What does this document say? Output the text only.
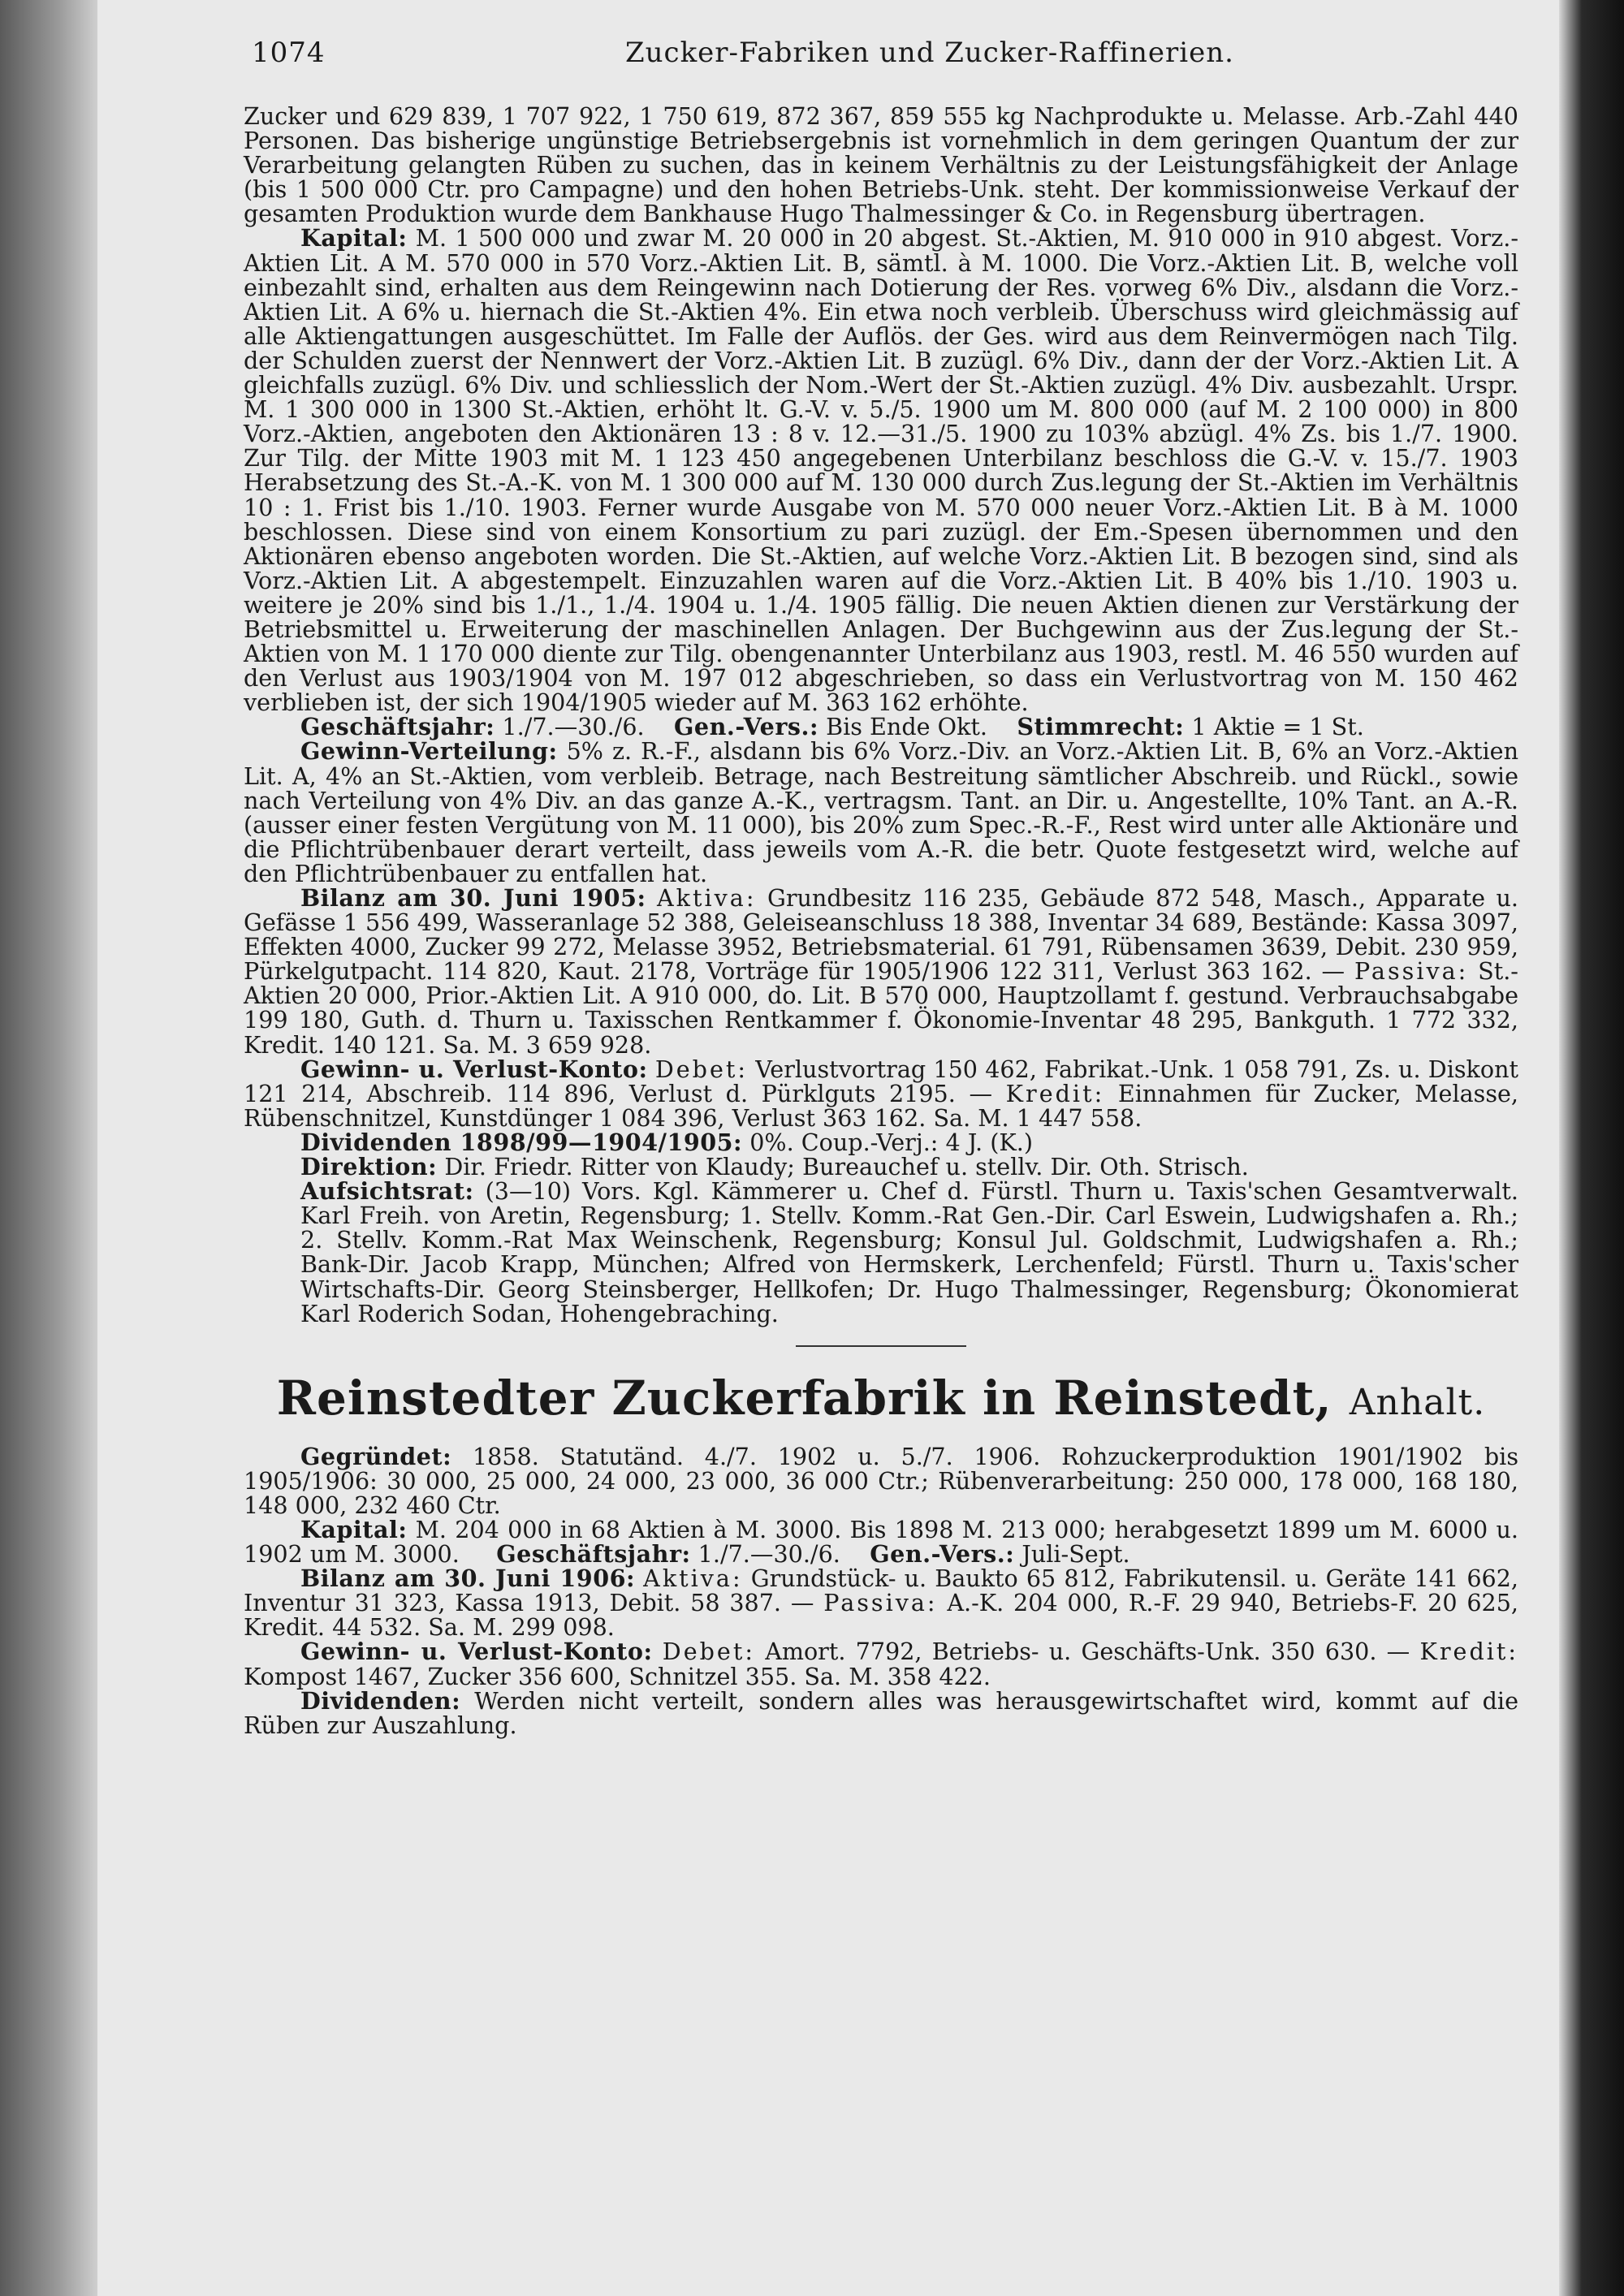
1074	Zucker-Fabriken und Zucker-Raffinerien.

Zucker und 629 839, 1 707 922, 1 750 619, 872 367, 859 555 kg Nachprodukte u. Melasse. Arb.-Zahl 440 Personen. Das bisherige ungünstige Betriebsergebnis ist vornehmlich in dem geringen Quantum der zur Verarbeitung gelangten Rüben zu suchen, das in keinem Verhältnis zu der Leistungsfähigkeit der Anlage (bis 1 500 000 Ctr. pro Campagne) und den hohen Betriebs-Unk. steht. Der kommissionweise Verkauf der gesamten Produktion wurde dem Bankhause Hugo Thalmessinger & Co. in Regensburg übertragen.

Kapital: M. 1 500 000 und zwar M. 20 000 in 20 abgest. St.-Aktien, M. 910 000 in 910 abgest. Vorz.-Aktien Lit. A M. 570 000 in 570 Vorz.-Aktien Lit. B, sämtl. à M. 1000. Die Vorz.-Aktien Lit. B, welche voll einbezahlt sind, erhalten aus dem Reingewinn nach Dotierung der Res. vorweg 6% Div., alsdann die Vorz.-Aktien Lit. A 6% u. hiernach die St.-Aktien 4%. Ein etwa noch verbleib. Überschuss wird gleichmässig auf alle Aktiengattungen ausgeschüttet. Im Falle der Auflös. der Ges. wird aus dem Reinvermögen nach Tilg. der Schulden zuerst der Nennwert der Vorz.-Aktien Lit. B zuzügl. 6% Div., dann der der Vorz.-Aktien Lit. A gleichfalls zuzügl. 6% Div. und schliesslich der Nom.-Wert der St.-Aktien zuzügl. 4% Div. ausbezahlt. Urspr. M. 1 300 000 in 1300 St.-Aktien, erhöht lt. G.-V. v. 5./5. 1900 um M. 800 000 (auf M. 2 100 000) in 800 Vorz.-Aktien, angeboten den Aktionären 13 : 8 v. 12.—31./5. 1900 zu 103% abzügl. 4% Zs. bis 1./7. 1900. Zur Tilg. der Mitte 1903 mit M. 1 123 450 angegebenen Unterbilanz beschloss die G.-V. v. 15./7. 1903 Herabsetzung des St.-A.-K. von M. 1 300 000 auf M. 130 000 durch Zus.legung der St.-Aktien im Verhältnis 10 : 1. Frist bis 1./10. 1903. Ferner wurde Ausgabe von M. 570 000 neuer Vorz.-Aktien Lit. B à M. 1000 beschlossen. Diese sind von einem Konsortium zu pari zuzügl. der Em.-Spesen übernommen und den Aktionären ebenso angeboten worden. Die St.-Aktien, auf welche Vorz.-Aktien Lit. B bezogen sind, sind als Vorz.-Aktien Lit. A abgestempelt. Einzuzahlen waren auf die Vorz.-Aktien Lit. B 40% bis 1./10. 1903 u. weitere je 20% sind bis 1./1., 1./4. 1904 u. 1./4. 1905 fällig. Die neuen Aktien dienen zur Verstärkung der Betriebsmittel u. Erweiterung der maschinellen Anlagen. Der Buchgewinn aus der Zus.legung der St.-Aktien von M. 1 170 000 diente zur Tilg. obengenannter Unterbilanz aus 1903, restl. M. 46 550 wurden auf den Verlust aus 1903/1904 von M. 197 012 abgeschrieben, so dass ein Verlustvortrag von M. 150 462 verblieben ist, der sich 1904/1905 wieder auf M. 363 162 erhöhte.

Geschäftsjahr: 1./7.—30./6. Gen.-Vers.: Bis Ende Okt. Stimmrecht: 1 Aktie = 1 St.

Gewinn-Verteilung: 5% z. R.-F., alsdann bis 6% Vorz.-Div. an Vorz.-Aktien Lit. B, 6% an Vorz.-Aktien Lit. A, 4% an St.-Aktien, vom verbleib. Betrage, nach Bestreitung sämtlicher Abschreib. und Rückl., sowie nach Verteilung von 4% Div. an das ganze A.-K., vertragsm. Tant. an Dir. u. Angestellte, 10% Tant. an A.-R. (ausser einer festen Vergütung von M. 11 000), bis 20% zum Spec.-R.-F., Rest wird unter alle Aktionäre und die Pflichtrübenbauer derart verteilt, dass jeweils vom A.-R. die betr. Quote festgesetzt wird, welche auf den Pflichtrübenbauer zu entfallen hat.

Bilanz am 30. Juni 1905: Aktiva: Grundbesitz 116 235, Gebäude 872 548, Masch., Apparate u. Gefässe 1 556 499, Wasseranlage 52 388, Geleiseanschluss 18 388, Inventar 34 689, Bestände: Kassa 3097, Effekten 4000, Zucker 99 272, Melasse 3952, Betriebsmaterial. 61 791, Rübensamen 3639, Debit. 230 959, Pürkelgutpacht. 114 820, Kaut. 2178, Vorträge für 1905/1906 122 311, Verlust 363 162. — Passiva: St.-Aktien 20 000, Prior.-Aktien Lit. A 910 000, do. Lit. B 570 000, Hauptzollamt f. gestund. Verbrauchsabgabe 199 180, Guth. d. Thurn u. Taxisschen Rentkammer f. Ökonomie-Inventar 48 295, Bankguth. 1 772 332, Kredit. 140 121. Sa. M. 3 659 928.

Gewinn- u. Verlust-Konto: Debet: Verlustvortrag 150 462, Fabrikat.-Unk. 1 058 791, Zs. u. Diskont 121 214, Abschreib. 114 896, Verlust d. Pürklguts 2195. — Kredit: Einnahmen für Zucker, Melasse, Rübenschnitzel, Kunstdünger 1 084 396, Verlust 363 162. Sa. M. 1 447 558.

Dividenden 1898/99—1904/1905: 0%. Coup.-Verj.: 4 J. (K.)

Direktion: Dir. Friedr. Ritter von Klaudy; Bureauchef u. stellv. Dir. Oth. Strisch.

Aufsichtsrat: (3—10) Vors. Kgl. Kämmerer u. Chef d. Fürstl. Thurn u. Taxis'schen Gesamtverwalt. Karl Freih. von Aretin, Regensburg; 1. Stellv. Komm.-Rat Gen.-Dir. Carl Eswein, Ludwigshafen a. Rh.; 2. Stellv. Komm.-Rat Max Weinschenk, Regensburg; Konsul Jul. Goldschmit, Ludwigshafen a. Rh.; Bank-Dir. Jacob Krapp, München; Alfred von Hermskerk, Lerchenfeld; Fürstl. Thurn u. Taxis'scher Wirtschafts-Dir. Georg Steinsberger, Hellkofen; Dr. Hugo Thalmessinger, Regensburg; Ökonomierat Karl Roderich Sodan, Hohengebraching.

Reinstedter Zuckerfabrik in Reinstedt, Anhalt.

Gegründet: 1858. Statutänd. 4./7. 1902 u. 5./7. 1906. Rohzuckerproduktion 1901/1902 bis 1905/1906: 30 000, 25 000, 24 000, 23 000, 36 000 Ctr.; Rübenverarbeitung: 250 000, 178 000, 168 180, 148 000, 232 460 Ctr.

Kapital: M. 204 000 in 68 Aktien à M. 3000. Bis 1898 M. 213 000; herabgesetzt 1899 um M. 6000 u. 1902 um M. 3000. Geschäftsjahr: 1./7.—30./6. Gen.-Vers.: Juli-Sept.

Bilanz am 30. Juni 1906: Aktiva: Grundstück- u. Baukto 65 812, Fabrikutensil. u. Geräte 141 662, Inventur 31 323, Kassa 1913, Debit. 58 387. — Passiva: A.-K. 204 000, R.-F. 29 940, Betriebs-F. 20 625, Kredit. 44 532. Sa. M. 299 098.

Gewinn- u. Verlust-Konto: Debet: Amort. 7792, Betriebs- u. Geschäfts-Unk. 350 630. — Kredit: Kompost 1467, Zucker 356 600, Schnitzel 355. Sa. M. 358 422.

Dividenden: Werden nicht verteilt, sondern alles was herausgewirtschaftet wird, kommt auf die Rüben zur Auszahlung.
